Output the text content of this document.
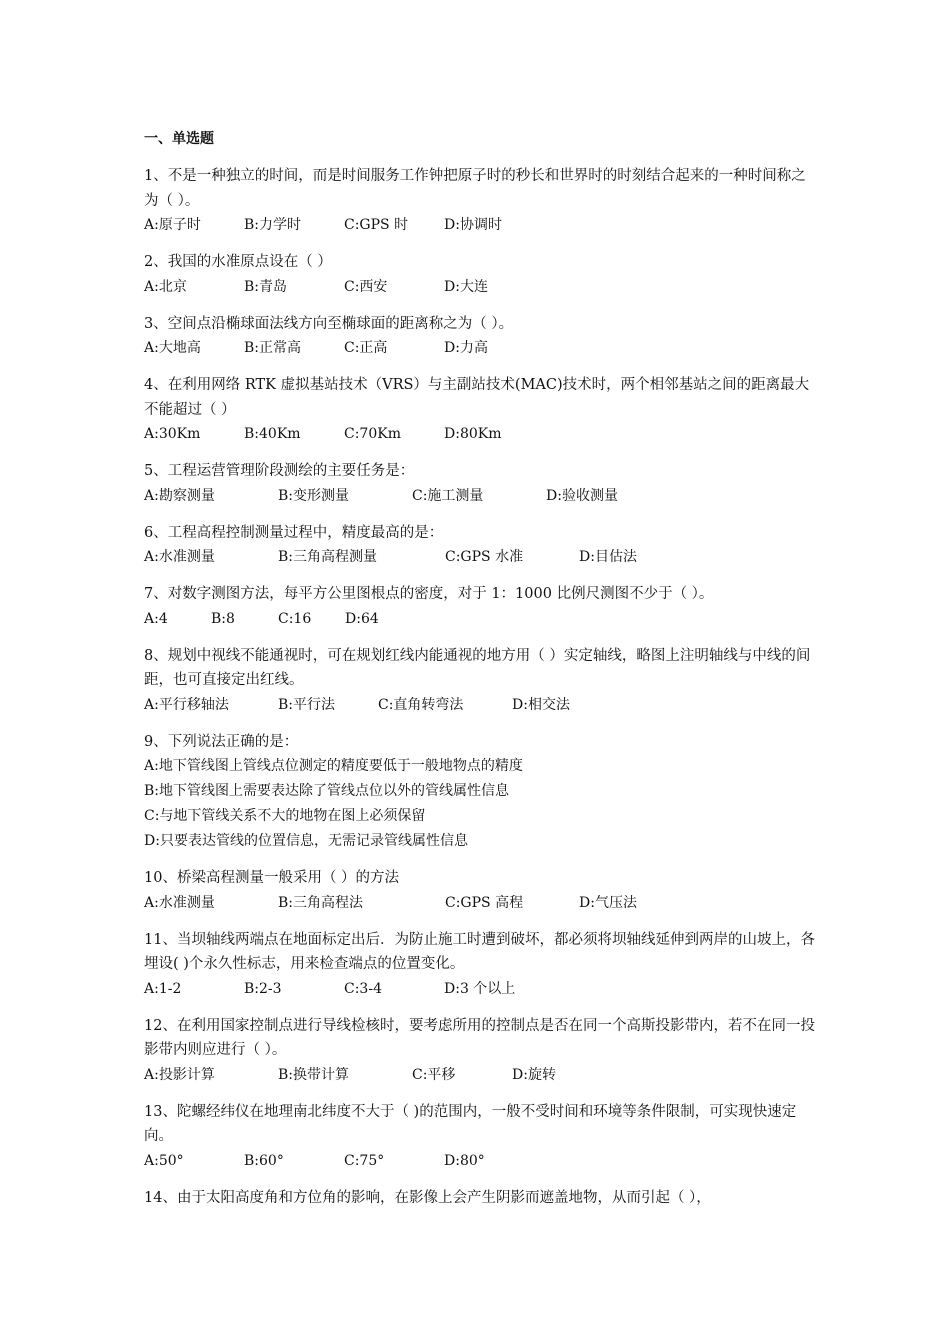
一、单选题

1、不是一种独立的时间，而是时间服务工作钟把原子时的秒长和世界时的时刻结合起来的一种时间称之为（ ）。

A:原子时	B:力学时	C:GPS 时	D:协调时

2、我国的水准原点设在（ ）

A:北京	B:青岛	C:西安	D:大连

3、空间点沿椭球面法线方向至椭球面的距离称之为（ ）。

A:大地高	B:正常高	C:正高	D:力高

4、在利用网络 RTK 虚拟基站技术（VRS）与主副站技术(MAC)技术时，两个相邻基站之间的距离最大不能超过（ ）

A:30Km	B:40Km	C:70Km	D:80Km

5、工程运营管理阶段测绘的主要任务是：

A:勘察测量	B:变形测量	C:施工测量	D:验收测量

6、工程高程控制测量过程中，精度最高的是：

A:水准测量	B:三角高程测量	C:GPS 水准	D:目估法

7、对数字测图方法，每平方公里图根点的密度，对于 1：1000 比例尺测图不少于（ ）。

A:4	B:8	C:16 D:64

8、规划中视线不能通视时，可在规划红线内能通视的地方用（ ）实定轴线，略图上注明轴线与中线的间距，也可直接定出红线。

A:平行移轴法	B:平行法	C:直角转弯法	D:相交法

9、下列说法正确的是：

A:地下管线图上管线点位测定的精度要低于一般地物点的精度

B:地下管线图上需要表达除了管线点位以外的管线属性信息

C:与地下管线关系不大的地物在图上必须保留

D:只要表达管线的位置信息，无需记录管线属性信息

10、桥梁高程测量一般采用（ ）的方法

A:水准测量	B:三角高程法	C:GPS 高程	D:气压法

11、当坝轴线两端点在地面标定出后．为防止施工时遭到破坏，都必须将坝轴线延伸到两岸的山坡上，各埋设( )个永久性标志，用来检查端点的位置变化。

A:1-2	B:2-3	C:3-4	D:3 个以上

12、在利用国家控制点进行导线检核时，要考虑所用的控制点是否在同一个高斯投影带内，若不在同一投影带内则应进行（ ）。

A:投影计算	B:换带计算	C:平移	D:旋转

13、陀螺经纬仪在地理南北纬度不大于（ )的范围内，一般不受时间和环境等条件限制，可实现快速定向。

A:50°	B:60°	C:75°	D:80°

14、由于太阳高度角和方位角的影响，在影像上会产生阴影而遮盖地物，从而引起（ ），
